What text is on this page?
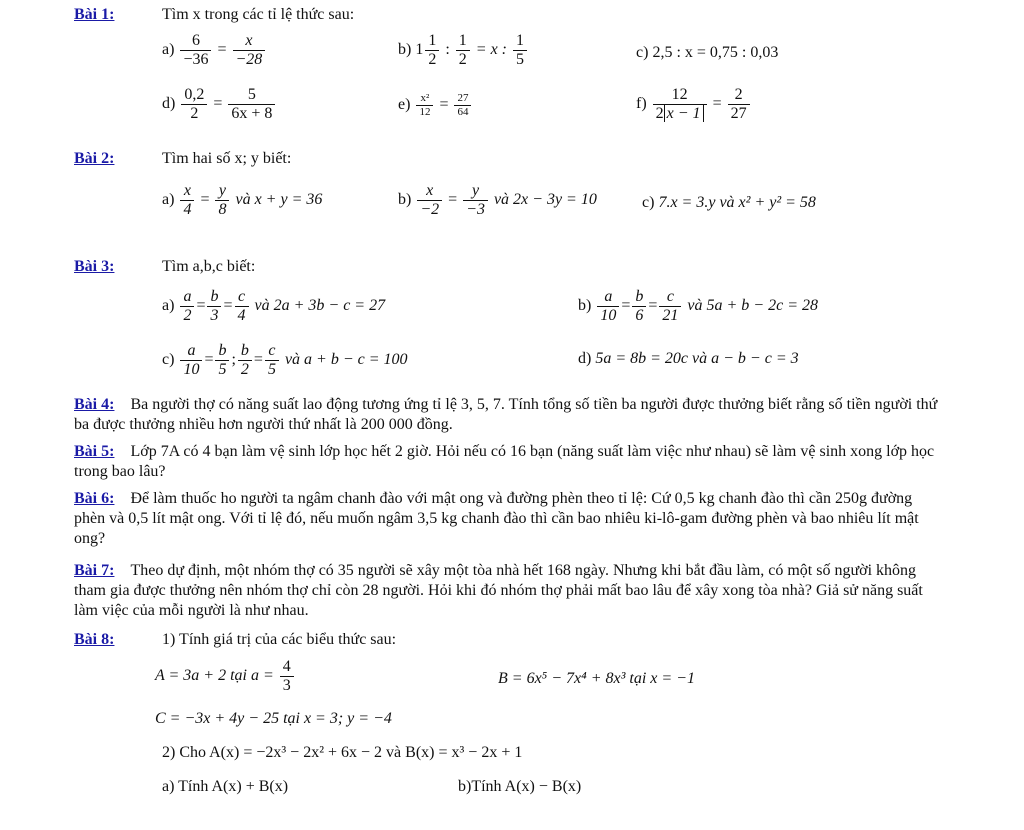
Bài 1:	Tìm x trong các tỉ lệ thức sau:
$a) \frac{6}{-36} = \frac{x}{-28}$	b) $1 \frac{1}{2}$ : $\frac{1}{2} = x$ : $\frac{1}{5}$	c) 2,5 : x = 0,75 : 0,03
$d) \frac{0,2}{2} = \frac{5}{6x + 8}$	$e) \frac{\text{x²}}{12} = \frac{27}{64}$	$f) \frac{12}{2 x - 1} = \frac{2}{27}$
Bài 2:	Tìm hai số x; y biết:
$a) \frac{x}{4} = \frac{y}{8}$ và x + y = 36	$b) \frac{x}{-2} = \frac{y}{-3}$ và 2x − 3y = 10	c) 7.x = 3.y và x² + y² = 58
Bài 3:	Tìm a,b,c biết:
$a) \frac{a}{2} = \frac{b}{3} = \frac{c}{4}$ và 2a + 3b − c = 27	$b) \frac{a}{10} = \frac{b}{6} = \frac{c}{21}$ và 5a + b − 2c = 28
$c) \frac{a}{10} = \frac{b}{5}$ ; $\frac{b}{2} = \frac{c}{5}$ và a + b − c = 100	d) 5a = 8b = 20c và a − b − c = 3
Bài 4: Ba người thợ có năng suất lao động tương ứng tỉ lệ 3, 5, 7. Tính tổng số tiền ba người được thưởng biết rằng số tiền người thứ ba được thưởng nhiều hơn người thứ nhất là 200 000 đồng.
Bài 5: Lớp 7A có 4 bạn làm vệ sinh lớp học hết 2 giờ. Hỏi nếu có 16 bạn (năng suất làm việc như nhau) sẽ làm vệ sinh xong lớp học trong bao lâu?
Bài 6: Để làm thuốc ho người ta ngâm chanh đào với mật ong và đường phèn theo tỉ lệ: Cứ 0,5 kg chanh đào thì cần 250g đường phèn và 0,5 lít mật ong. Với tỉ lệ đó, nếu muốn ngâm 3,5 kg chanh đào thì cần bao nhiêu ki-lô-gam đường phèn và bao nhiêu lít mật ong?
Bài 7: Theo dự định, một nhóm thợ có 35 người sẽ xây một tòa nhà hết 168 ngày. Nhưng khi bắt đầu làm, có một số người không tham gia được thưởng nên nhóm thợ chỉ còn 28 người. Hỏi khi đó nhóm thợ phải mất bao lâu để xây xong tòa nhà? Giả sử năng suất làm việc của mỗi người là như nhau.
Bài 8:	1) Tính giá trị của các biểu thức sau:
A = 3a + 2 tại $a = \frac{4}{3}$	B = 6x⁵ − 7x⁴ + 8x³ tại x = −1
C = −3x + 4y − 25 tại x = 3; y = −4
2) Cho A(x) = −2x³ − 2x² + 6x − 2 và B(x) = x³ − 2x + 1
a) Tính A(x) + B(x)	b)Tính A(x) − B(x)
